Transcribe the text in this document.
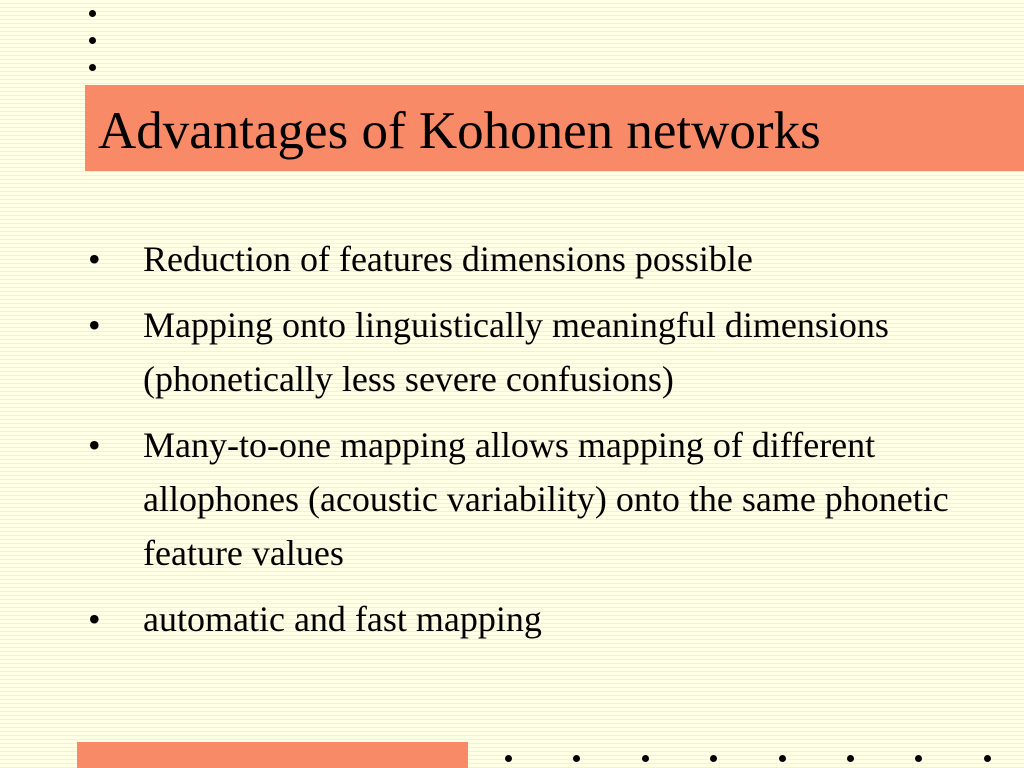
Advantages of Kohonen networks
•	Reduction of features dimensions possible
•	Mapping onto linguistically meaningful dimensions (phonetically less severe confusions)
•	Many-to-one mapping allows mapping of different allophones (acoustic variability) onto the same phonetic feature values
•	automatic and fast mapping
